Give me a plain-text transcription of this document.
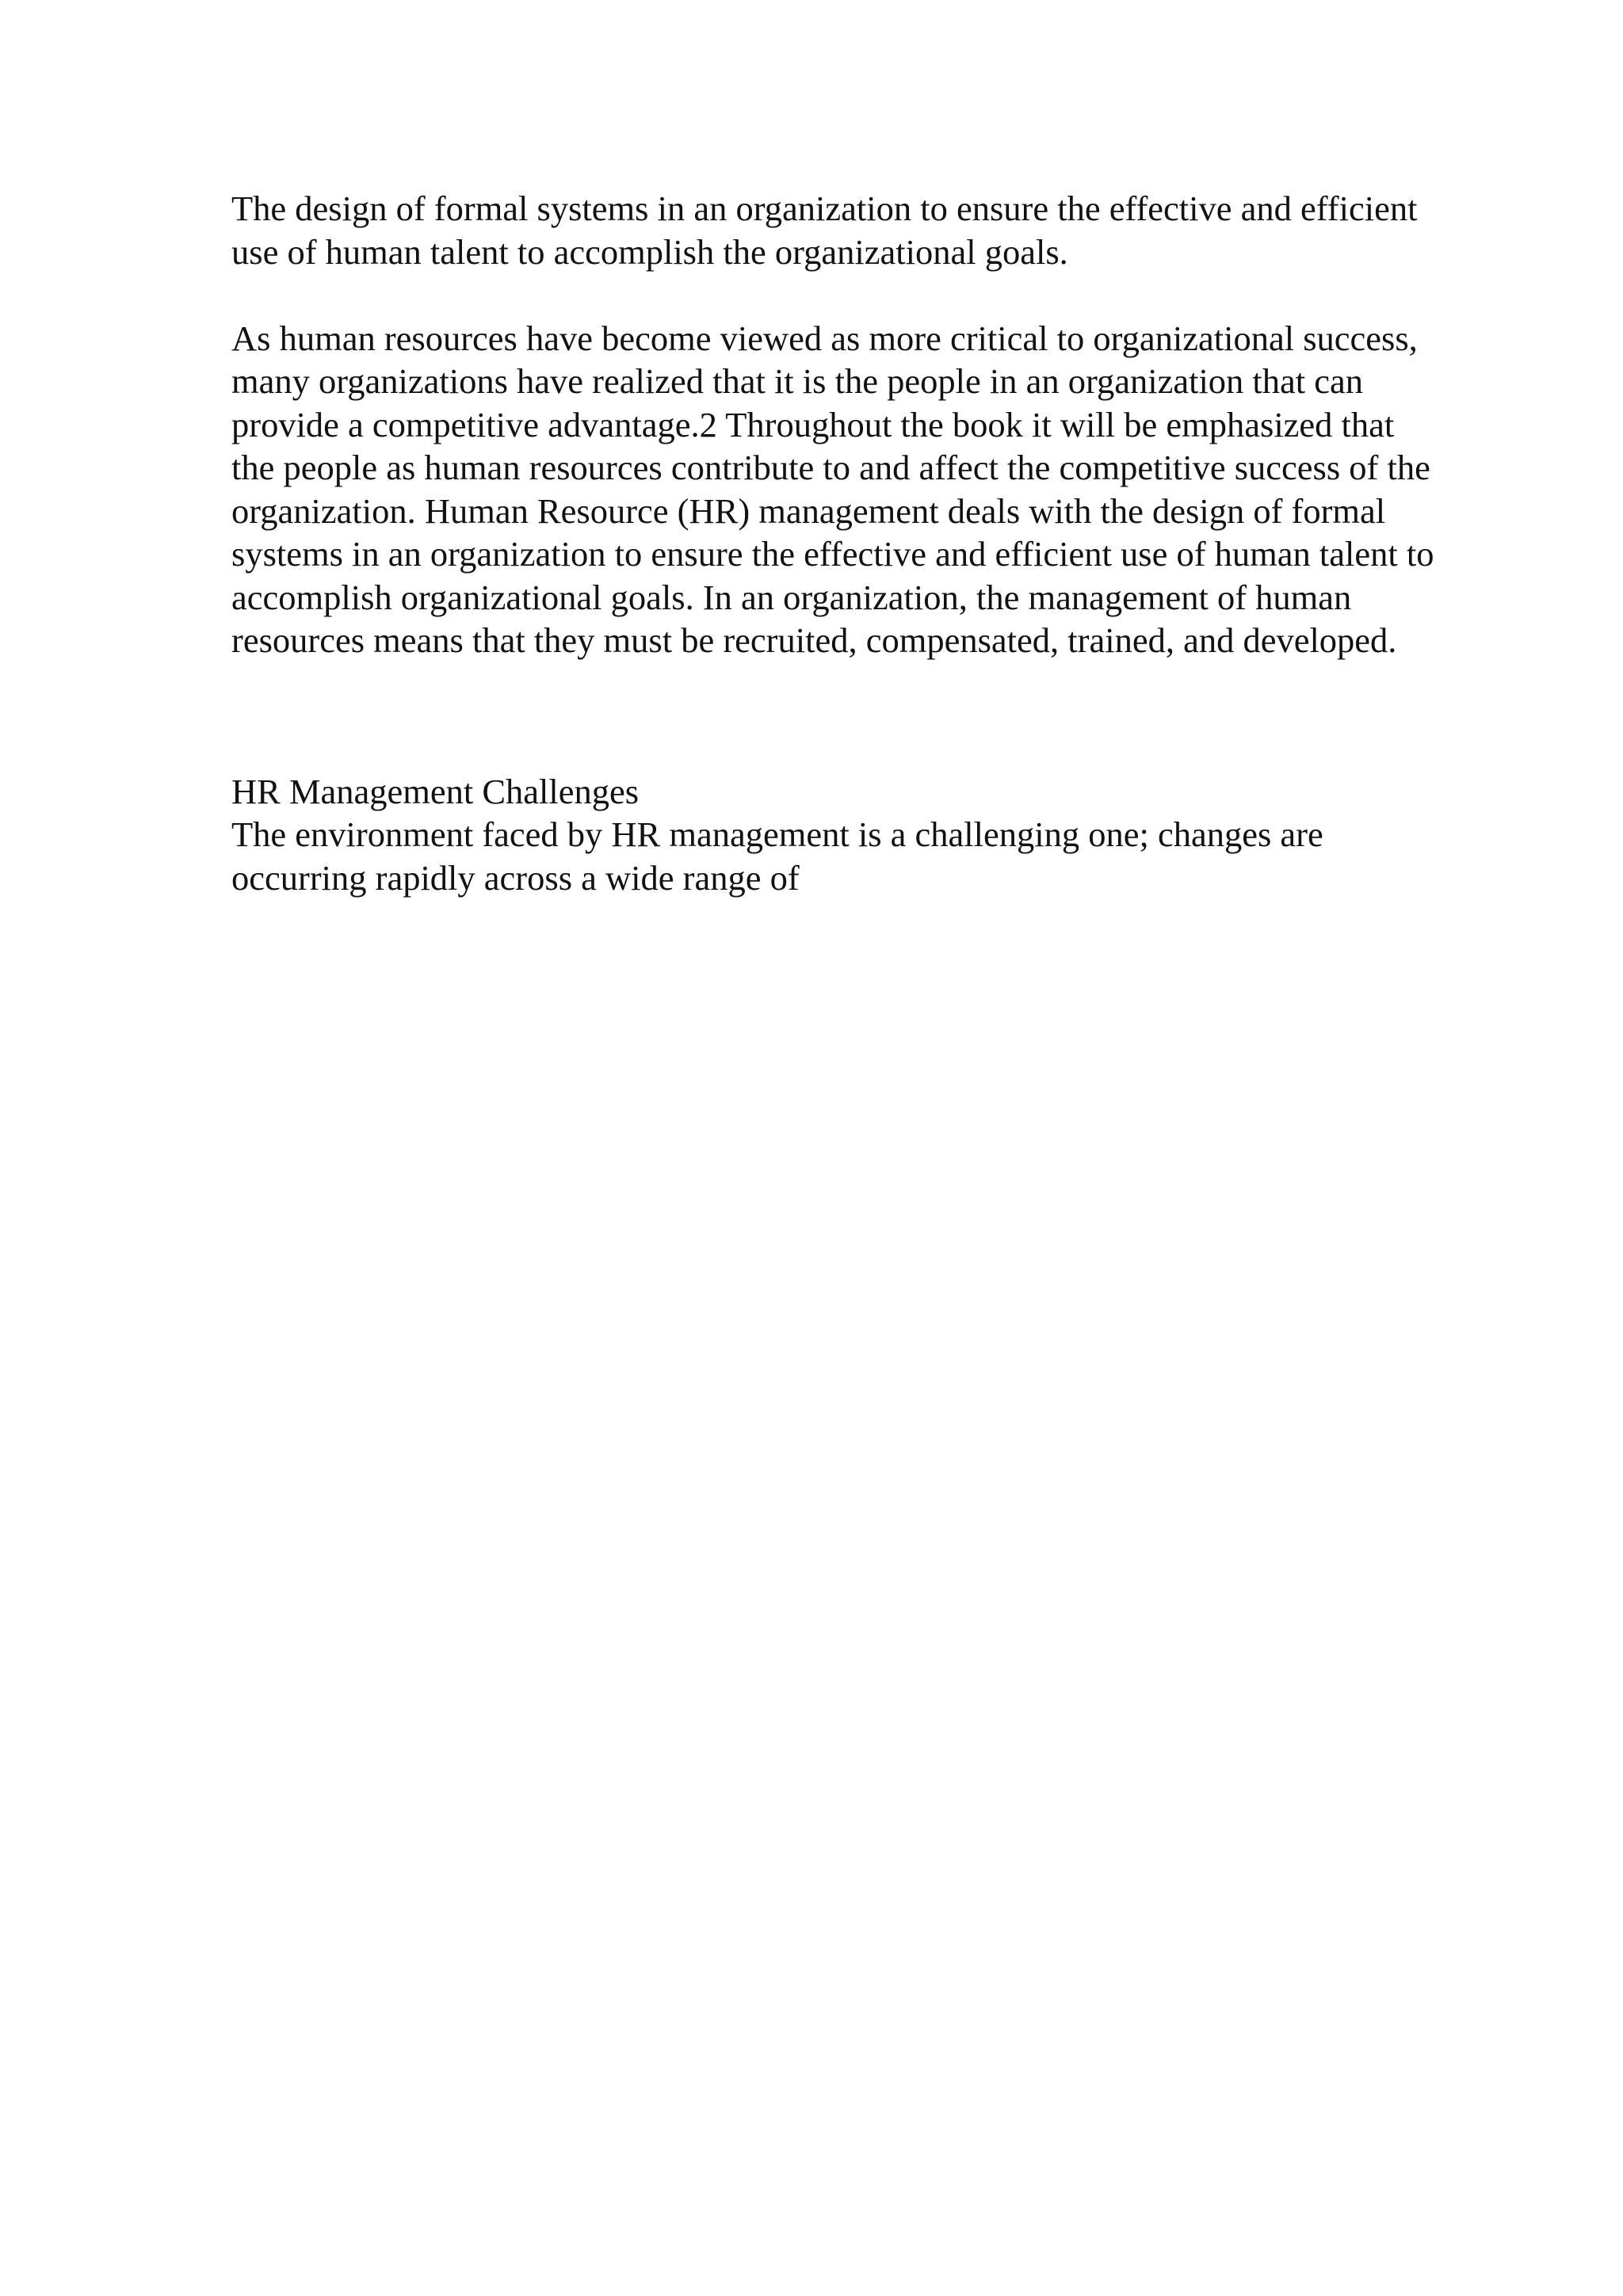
The design of formal systems in an organization to ensure the effective and efficient
use of human talent to accomplish the organizational goals.
As human resources have become viewed as more critical to organizational success,
many organizations have realized that it is the people in an organization that can
provide a competitive advantage.2 Throughout the book it will be emphasized that
the people as human resources contribute to and affect the competitive success of the
organization. Human Resource (HR) management deals with the design of formal
systems in an organization to ensure the effective and efficient use of human talent to
accomplish organizational goals. In an organization, the management of human
resources means that they must be recruited, compensated, trained, and developed.
HR Management Challenges
The environment faced by HR management is a challenging one; changes are
occurring rapidly across a wide range of
